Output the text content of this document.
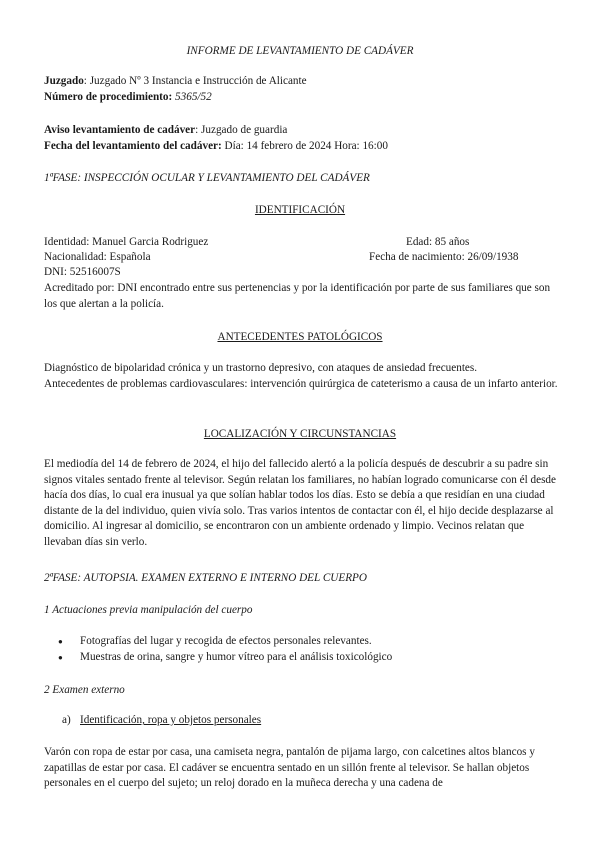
INFORME DE LEVANTAMIENTO DE CADÁVER
Juzgado: Juzgado Nº 3 Instancia e Instrucción de Alicante
Número de procedimiento: 5365/52
Aviso levantamiento de cadáver: Juzgado de guardia
Fecha del levantamiento del cadáver: Día: 14 febrero de 2024 Hora: 16:00
1ªFASE: INSPECCIÓN OCULAR Y LEVANTAMIENTO DEL CADÁVER
IDENTIFICACIÓN
Identidad: Manuel Garcia Rodriguez	Edad: 85 años
Nacionalidad: Española	Fecha de nacimiento: 26/09/1938
DNI: 52516007S

Acreditado por: DNI encontrado entre sus pertenencias y por la identificación por parte de sus familiares que son los que alertan a la policía.

ANTECEDENTES PATOLÓGICOS

Diagnóstico de bipolaridad crónica y un trastorno depresivo, con ataques de ansiedad frecuentes.

Antecedentes de problemas cardiovasculares: intervención quirúrgica de cateterismo a causa de un infarto anterior.

LOCALIZACIÓN Y CIRCUNSTANCIAS

El mediodía del 14 de febrero de 2024, el hijo del fallecido alertó a la policía después de descubrir a su padre sin signos vitales sentado frente al televisor. Según relatan los familiares, no habían logrado comunicarse con él desde hacía dos días, lo cual era inusual ya que solían hablar todos los días. Esto se debía a que residían en una ciudad distante de la del individuo, quien vivía solo. Tras varios intentos de contactar con él, el hijo decide desplazarse al domicilio. Al ingresar al domicilio, se encontraron con un ambiente ordenado y limpio. Vecinos relatan que llevaban días sin verlo.

2ªFASE: AUTOPSIA. EXAMEN EXTERNO E INTERNO DEL CUERPO
1 Actuaciones previa manipulación del cuerpo
● Fotografías del lugar y recogida de efectos personales relevantes.
● Muestras de orina, sangre y humor vítreo para el análisis toxicológico
2 Examen externo
a) Identificación, ropa y objetos personales

Varón con ropa de estar por casa, una camiseta negra, pantalón de pijama largo, con calcetines altos blancos y zapatillas de estar por casa. El cadáver se encuentra sentado en un sillón frente al televisor. Se hallan objetos personales en el cuerpo del sujeto; un reloj dorado en la muñeca derecha y una cadena de
